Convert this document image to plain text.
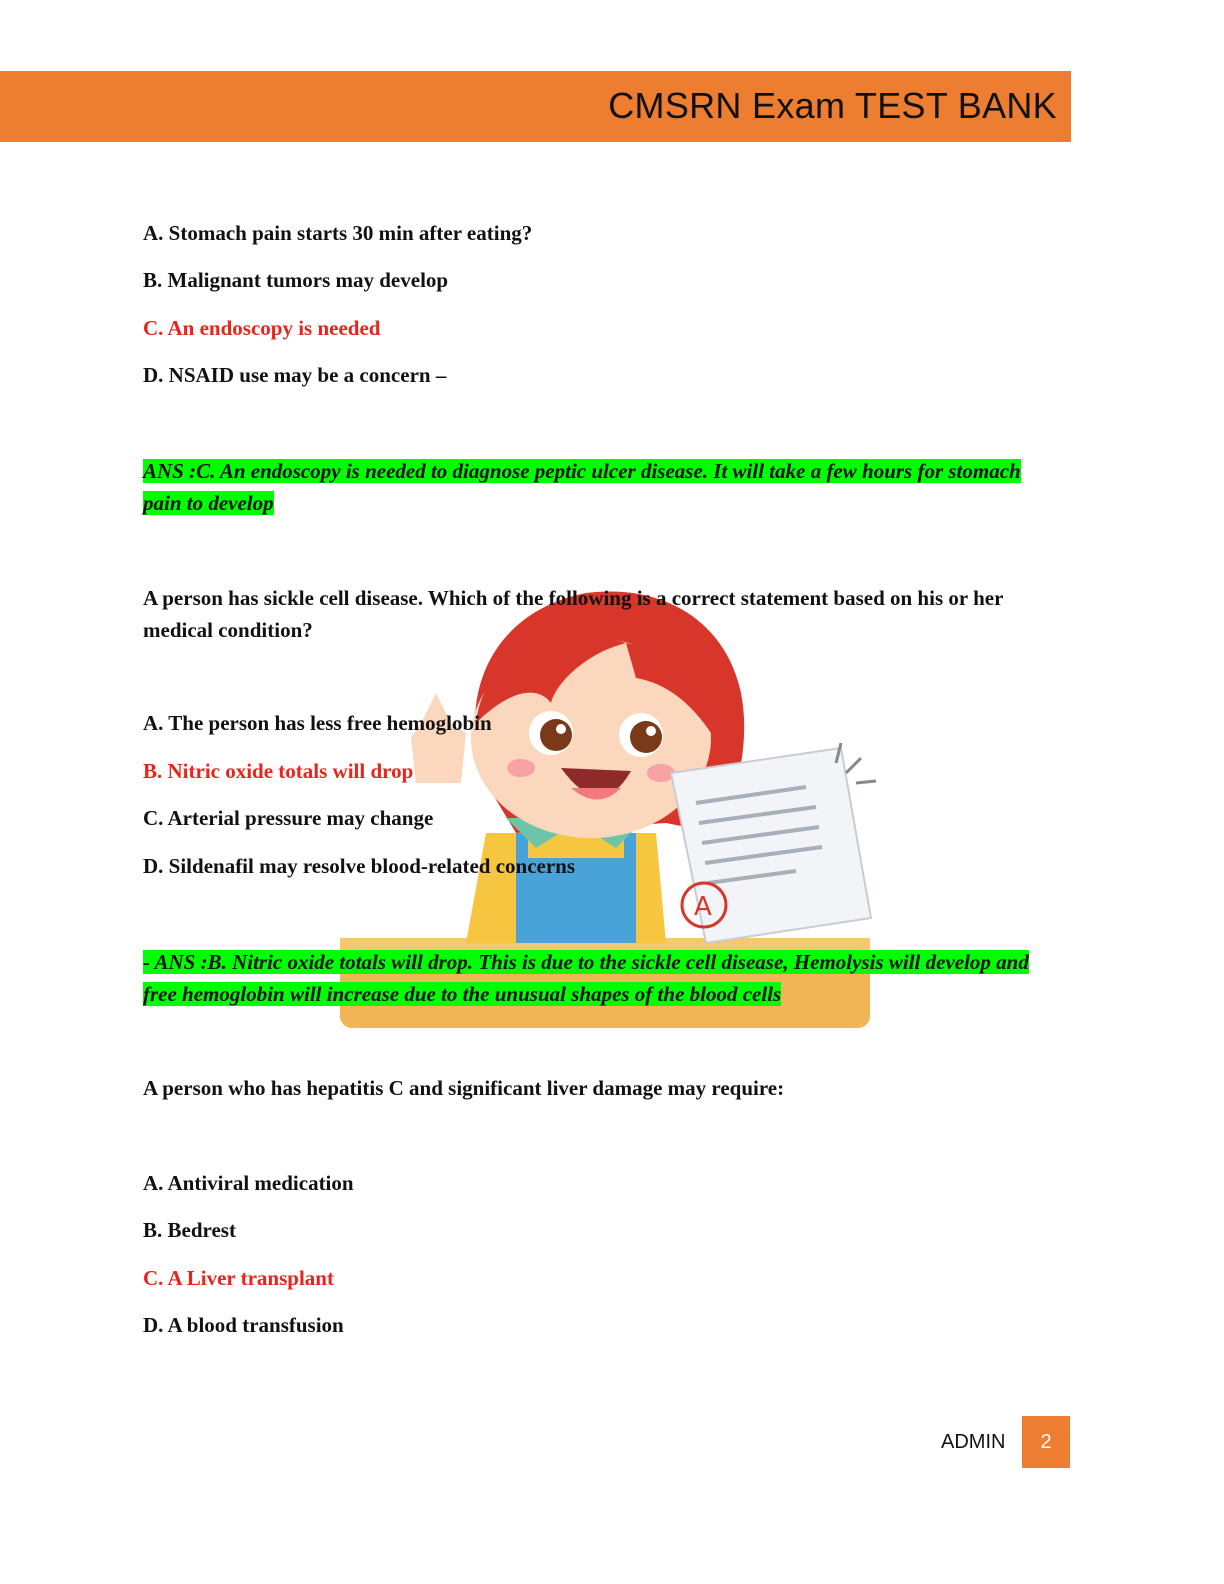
CMSRN Exam TEST BANK
A. Stomach pain starts 30 min after eating?
B. Malignant tumors may develop
C. An endoscopy is needed
D. NSAID use may be a concern –
ANS :C. An endoscopy is needed to diagnose peptic ulcer disease. It will take a few hours for stomach pain to develop
A
A person has sickle cell disease. Which of the following is a correct statement based on his or her medical condition?
A. The person has less free hemoglobin
B. Nitric oxide totals will drop
C. Arterial pressure may change
D. Sildenafil may resolve blood-related concerns
- ANS :B. Nitric oxide totals will drop. This is due to the sickle cell disease, Hemolysis will develop and free hemoglobin will increase due to the unusual shapes of the blood cells
A person who has hepatitis C and significant liver damage may require:
A. Antiviral medication
B. Bedrest
C. A Liver transplant
D. A blood transfusion
ADMIN	2
